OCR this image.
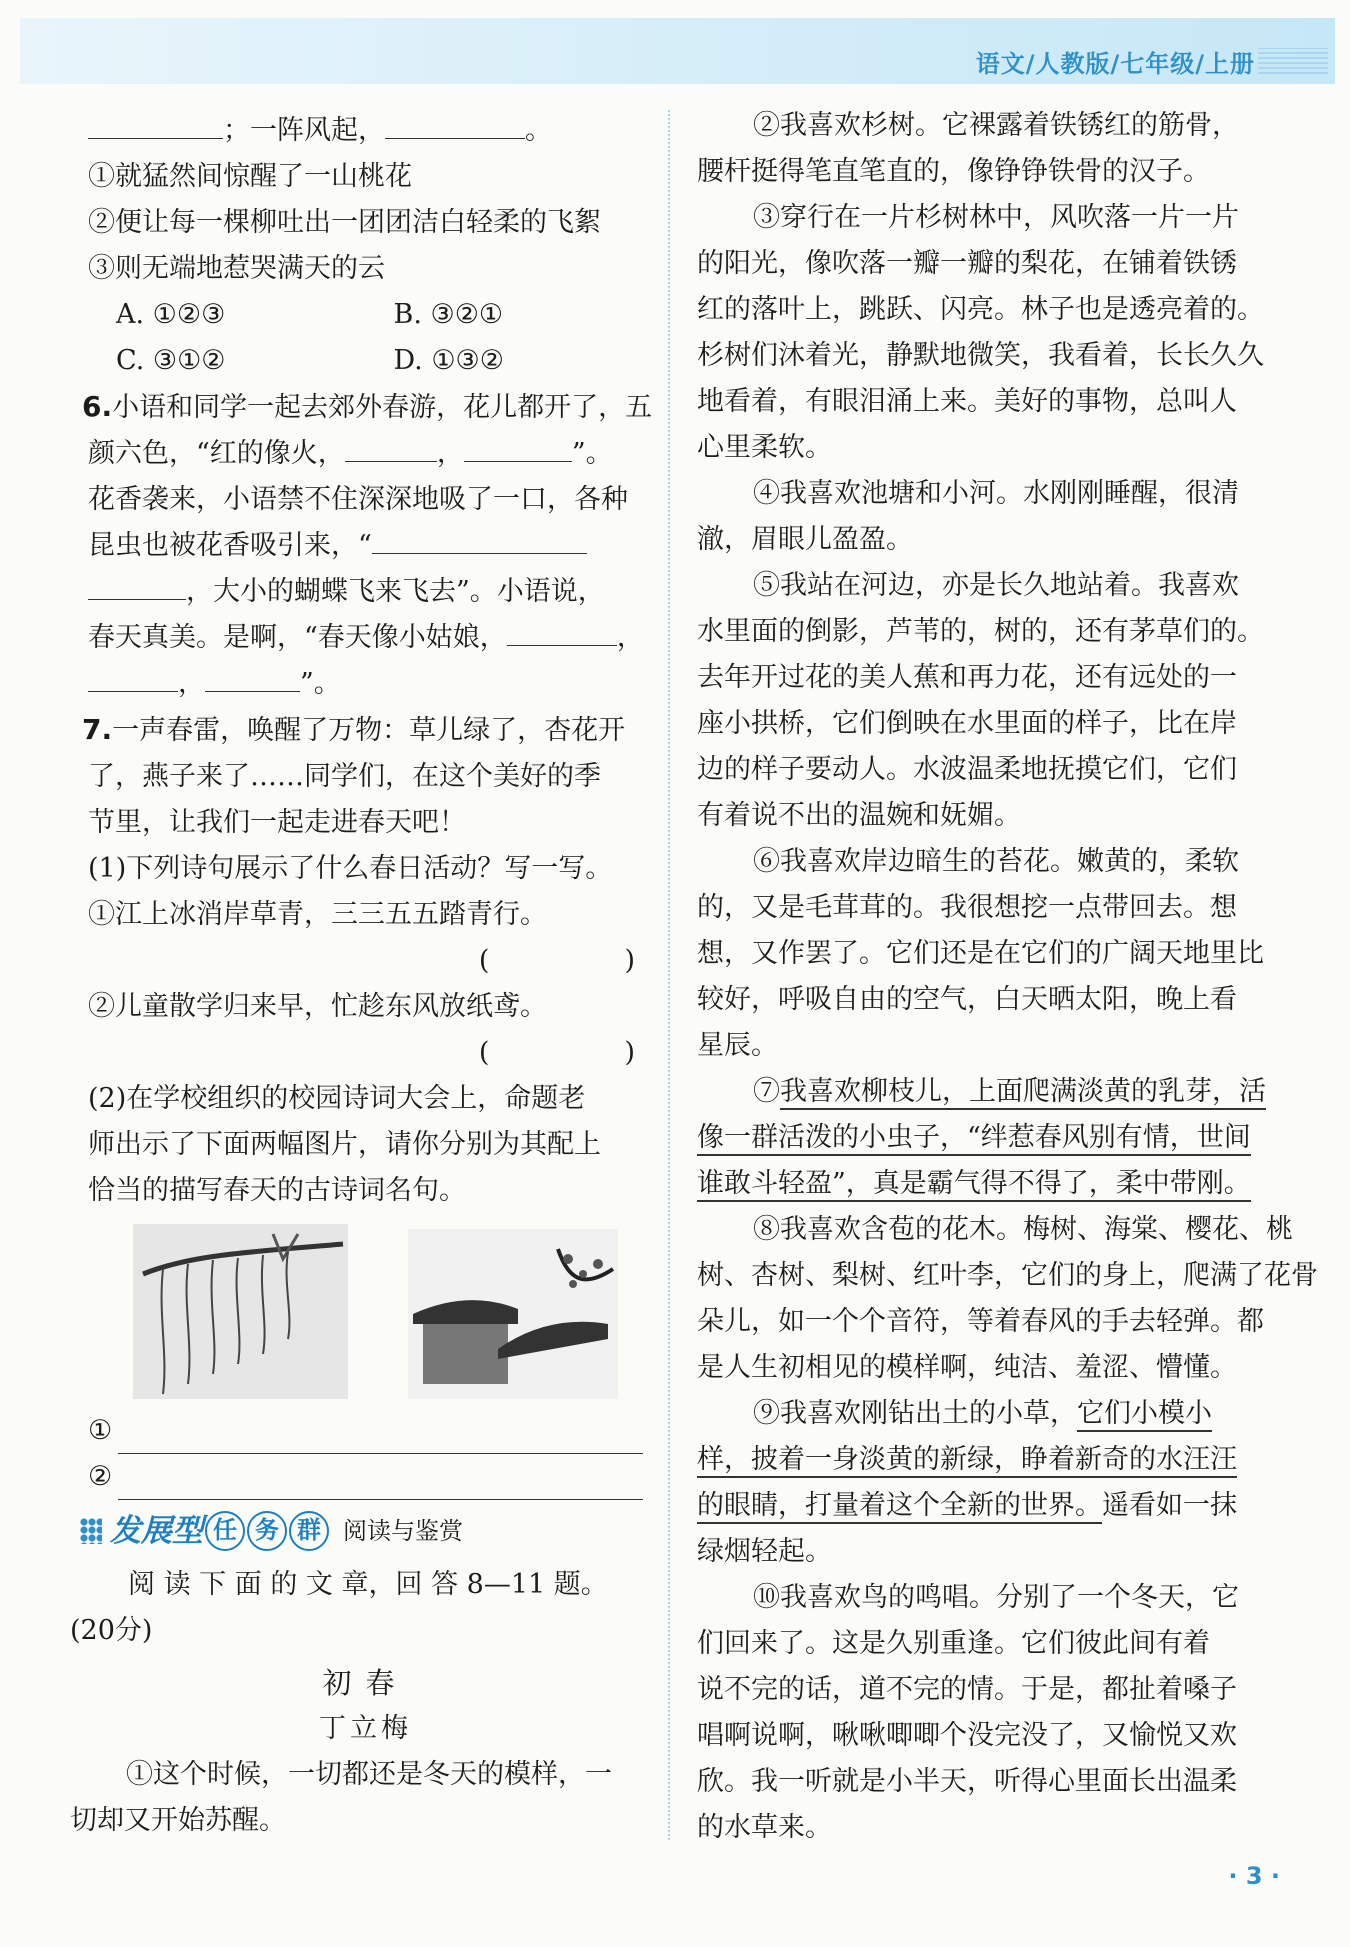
语文/人教版/七年级/上册
；一阵风起，	。
①就猛然间惊醒了一山桃花
②便让每一棵柳吐出一团团洁白轻柔的飞絮
③则无端地惹哭满天的云
A. ①②③	B. ③②①
C. ③①②	D. ①③②
6.小语和同学一起去郊外春游，花儿都开了，五
颜六色，“红的像火，	，	”。
花香袭来，小语禁不住深深地吸了一口，各种
昆虫也被花香吸引来，“
，大小的蝴蝶飞来飞去”。小语说，
春天真美。是啊，“春天像小姑娘，	，
，	”。
7.一声春雷，唤醒了万物：草儿绿了，杏花开
了，燕子来了……同学们，在这个美好的季
节里，让我们一起走进春天吧！
(1)下列诗句展示了什么春日活动？写一写。
①江上冰消岸草青，三三五五踏青行。
(　　　　　)
②儿童散学归来早，忙趁东风放纸鸢。
(　　　　　)
(2)在学校组织的校园诗词大会上，命题老
师出示了下面两幅图片，请你分别为其配上
恰当的描写春天的古诗词名句。
①
②
发展型 任 务 群 阅读与鉴赏
阅 读 下 面 的 文 章，回 答 8—11 题。
(20分)
初春
丁立梅
①这个时候，一切都还是冬天的模样，一
切却又开始苏醒。
②我喜欢杉树。它裸露着铁锈红的筋骨，
腰杆挺得笔直笔直的，像铮铮铁骨的汉子。
③穿行在一片杉树林中，风吹落一片一片
的阳光，像吹落一瓣一瓣的梨花，在铺着铁锈
红的落叶上，跳跃、闪亮。林子也是透亮着的。
杉树们沐着光，静默地微笑，我看着，长长久久
地看着，有眼泪涌上来。美好的事物，总叫人
心里柔软。
④我喜欢池塘和小河。水刚刚睡醒，很清
澈，眉眼儿盈盈。
⑤我站在河边，亦是长久地站着。我喜欢
水里面的倒影，芦苇的，树的，还有茅草们的。
去年开过花的美人蕉和再力花，还有远处的一
座小拱桥，它们倒映在水里面的样子，比在岸
边的样子要动人。水波温柔地抚摸它们，它们
有着说不出的温婉和妩媚。
⑥我喜欢岸边暗生的苔花。嫩黄的，柔软
的，又是毛茸茸的。我很想挖一点带回去。想
想，又作罢了。它们还是在它们的广阔天地里比
较好，呼吸自由的空气，白天晒太阳，晚上看
星辰。
⑦我喜欢柳枝儿，上面爬满淡黄的乳芽，活
像一群活泼的小虫子，“绊惹春风别有情，世间
谁敢斗轻盈”，真是霸气得不得了，柔中带刚。
⑧我喜欢含苞的花木。梅树、海棠、樱花、桃
树、杏树、梨树、红叶李，它们的身上，爬满了花骨
朵儿，如一个个音符，等着春风的手去轻弹。都
是人生初相见的模样啊，纯洁、羞涩、懵懂。
⑨我喜欢刚钻出土的小草，它们小模小
样，披着一身淡黄的新绿，睁着新奇的水汪汪
的眼睛，打量着这个全新的世界。遥看如一抹
绿烟轻起。
⑩我喜欢鸟的鸣唱。分别了一个冬天，它
们回来了。这是久别重逢。它们彼此间有着
说不完的话，道不完的情。于是，都扯着嗓子
唱啊说啊，啾啾唧唧个没完没了，又愉悦又欢
欣。我一听就是小半天，听得心里面长出温柔
的水草来。
· 3 ·
